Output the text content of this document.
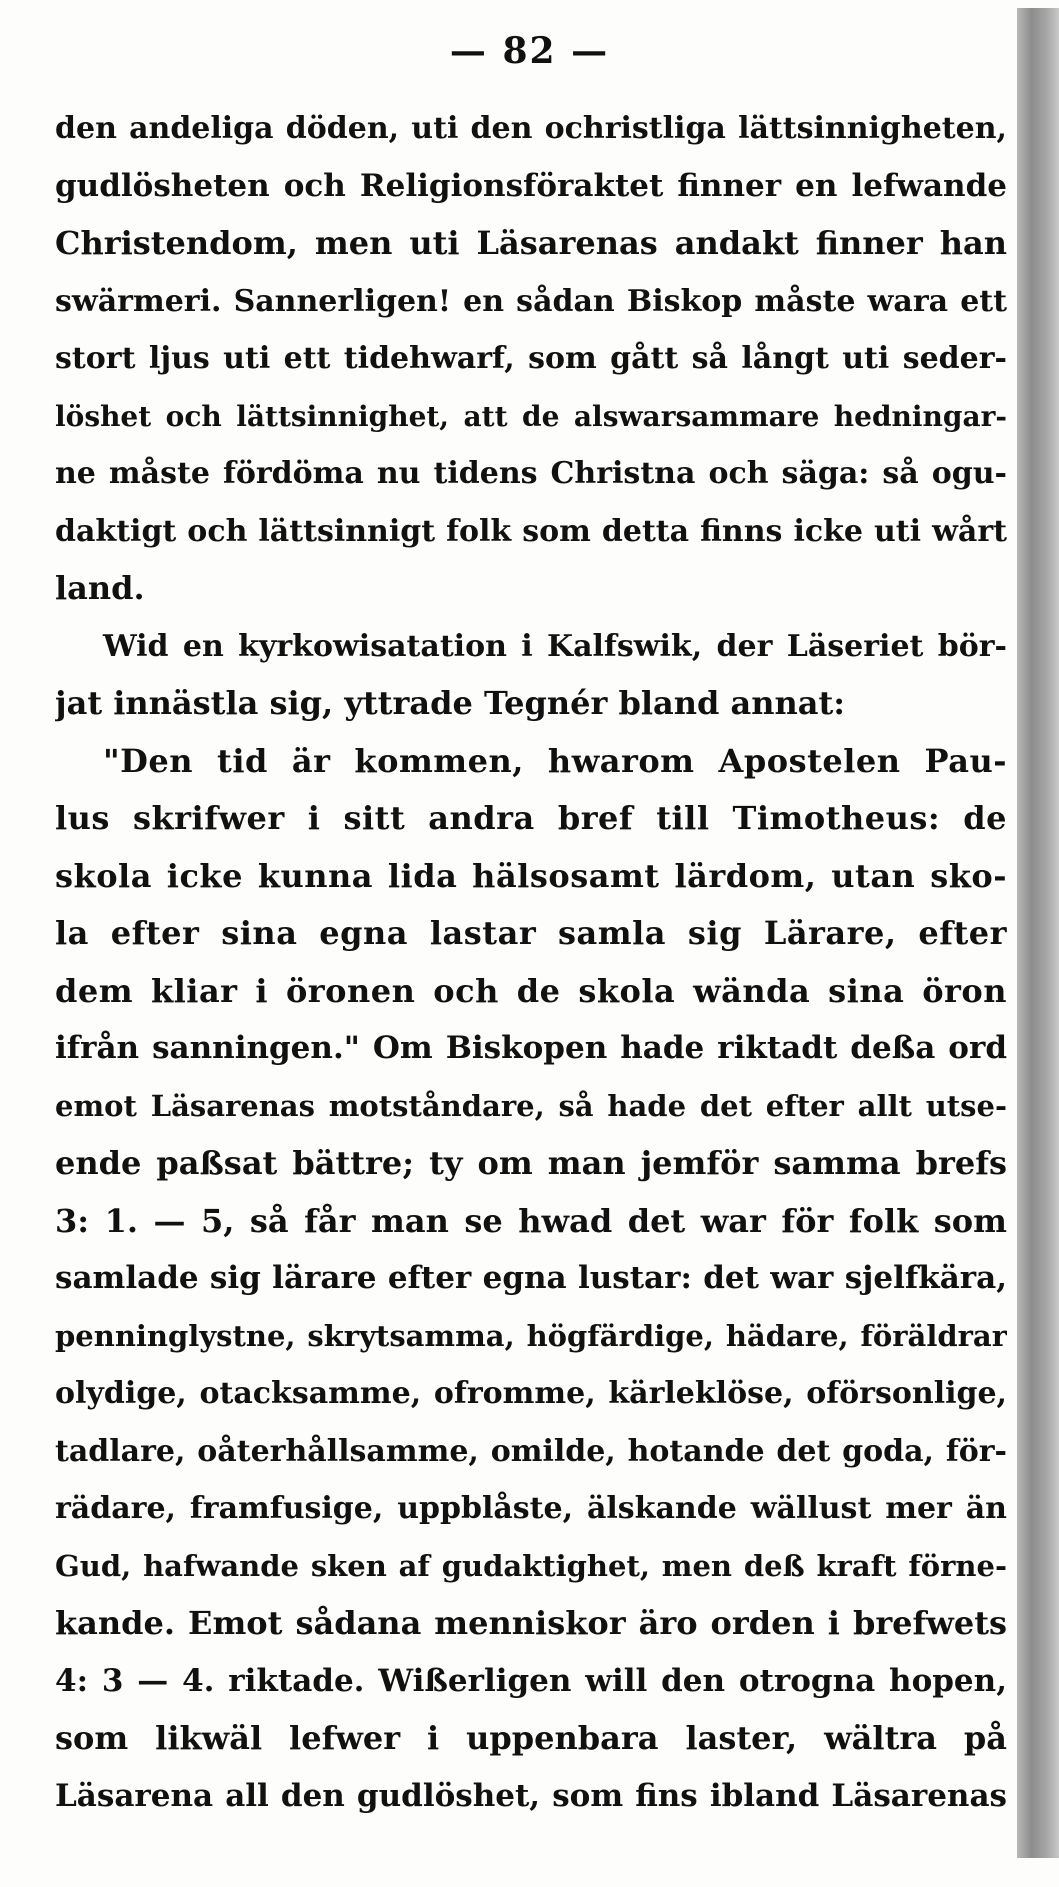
— 82 —
den andeliga döden, uti den ochristliga lättsinnigheten,
gudlösheten och Religionsföraktet finner en lefwande
Christendom, men uti Läsarenas andakt finner han
swärmeri. Sannerligen! en sådan Biskop måste wara ett
stort ljus uti ett tidehwarf, som gått så långt uti seder-
löshet och lättsinnighet, att de alswarsammare hedningar-
ne måste fördöma nu tidens Christna och säga: så ogu-
daktigt och lättsinnigt folk som detta finns icke uti wårt
land.
Wid en kyrkowisatation i Kalfswik, der Läseriet bör-
jat innästla sig, yttrade Tegnér bland annat:
"Den tid är kommen, hwarom Apostelen Pau-
lus skrifwer i sitt andra bref till Timotheus: de
skola icke kunna lida hälsosamt lärdom, utan sko-
la efter sina egna lastar samla sig Lärare, efter
dem kliar i öronen och de skola wända sina öron
ifrån sanningen." Om Biskopen hade riktadt deßa ord
emot Läsarenas motståndare, så hade det efter allt utse-
ende paßsat bättre; ty om man jemför samma brefs
3: 1. — 5, så får man se hwad det war för folk som
samlade sig lärare efter egna lustar: det war sjelfkära,
penninglystne, skrytsamma, högfärdige, hädare, föräldrar
olydige, otacksamme, ofromme, kärleklöse, oförsonlige,
tadlare, oåterhållsamme, omilde, hotande det goda, för-
rädare, framfusige, uppblåste, älskande wällust mer än
Gud, hafwande sken af gudaktighet, men deß kraft förne-
kande. Emot sådana menniskor äro orden i brefwets
4: 3 — 4. riktade. Wißerligen will den otrogna hopen,
som likwäl lefwer i uppenbara laster, wältra på
Läsarena all den gudlöshet, som fins ibland Läsarenas
